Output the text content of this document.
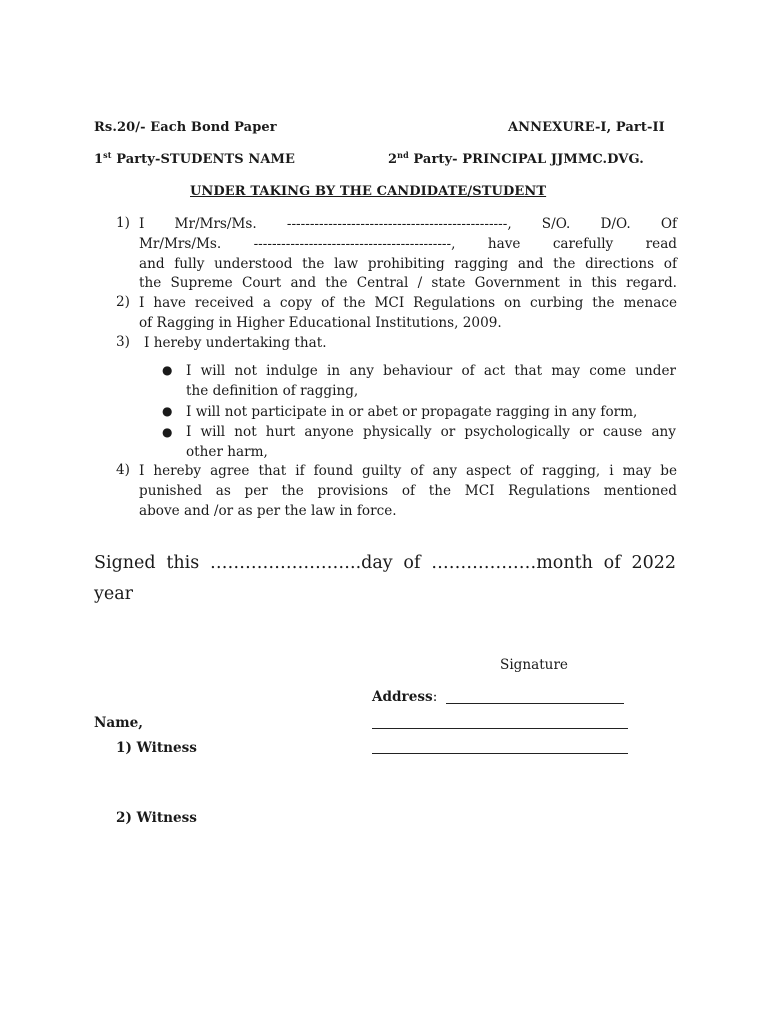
Rs.20/- Each Bond Paper	ANNEXURE-I, Part-II
1st Party-STUDENTS NAME	2nd Party- PRINCIPAL JJMMC.DVG.
UNDER TAKING BY THE CANDIDATE/STUDENT
1) I Mr/Mrs/Ms. ------------------------------------------------, S/O. D/O. Of
Mr/Mrs/Ms. -------------------------------------------, have carefully read
and fully understood the law prohibiting ragging and the directions of
the Supreme Court and the Central / state Government in this regard.
2) I have received a copy of the MCI Regulations on curbing the menace
of Ragging in Higher Educational Institutions, 2009.
3) I hereby undertaking that.
● I will not indulge in any behaviour of act that may come under
the definition of ragging,
● I will not participate in or abet or propagate ragging in any form,
● I will not hurt anyone physically or psychologically or cause any
other harm,
4) I hereby agree that if found guilty of any aspect of ragging, i may be
punished as per the provisions of the MCI Regulations mentioned
above and /or as per the law in force.
Signed this ……………………..day of ………………month of 2022
year
Signature
Address:
Name,
1) Witness
2) Witness
